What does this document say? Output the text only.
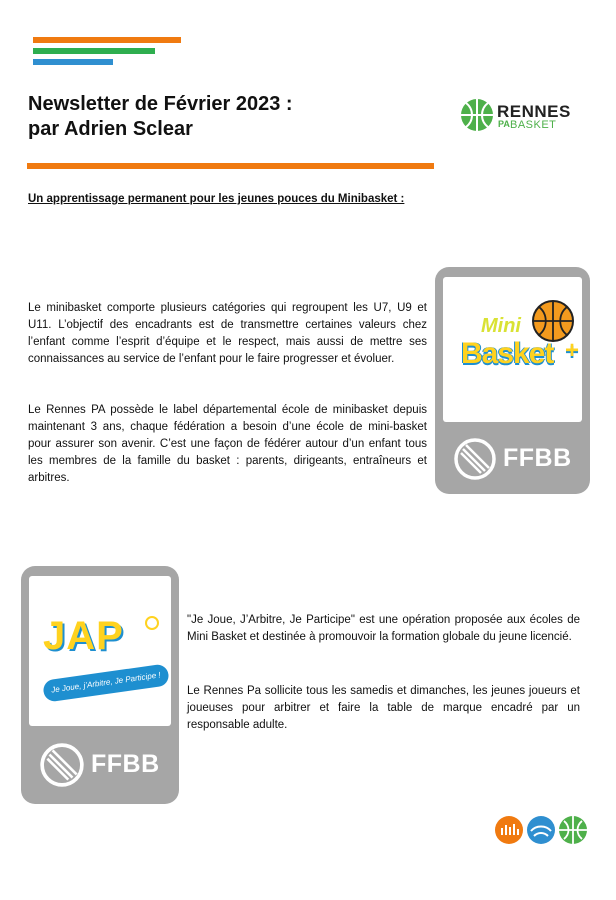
Newsletter de Février 2023 :
par Adrien Sclear
RENNES
PA BASKET
Un apprentissage permanent pour les jeunes pouces du Minibasket :
Le minibasket comporte plusieurs catégories qui regroupent les U7, U9 et U11. L’objectif des encadrants est de transmettre certaines valeurs chez l’enfant comme l’esprit d’équipe et le respect, mais aussi de mettre ses connaissances au service de l’enfant pour le faire progresser et évoluer.
Le Rennes PA possède le label départemental école de minibasket depuis maintenant 3 ans, chaque fédération a besoin d’une école de mini-basket pour assurer son avenir. C’est une façon de fédérer autour d’un enfant tous les membres de la famille du basket : parents, dirigeants, entraîneurs et arbitres.
Mini
Basket +
FFBB
JAP
Je Joue, j’Arbitre, Je Participe !
FFBB
"Je Joue, J’Arbitre, Je Participe" est une opération proposée aux écoles de Mini Basket et destinée à promouvoir la formation globale du jeune licencié.
Le Rennes Pa sollicite tous les samedis et dimanches, les jeunes joueurs et joueuses pour arbitrer et faire la table de marque encadré par un responsable adulte.
